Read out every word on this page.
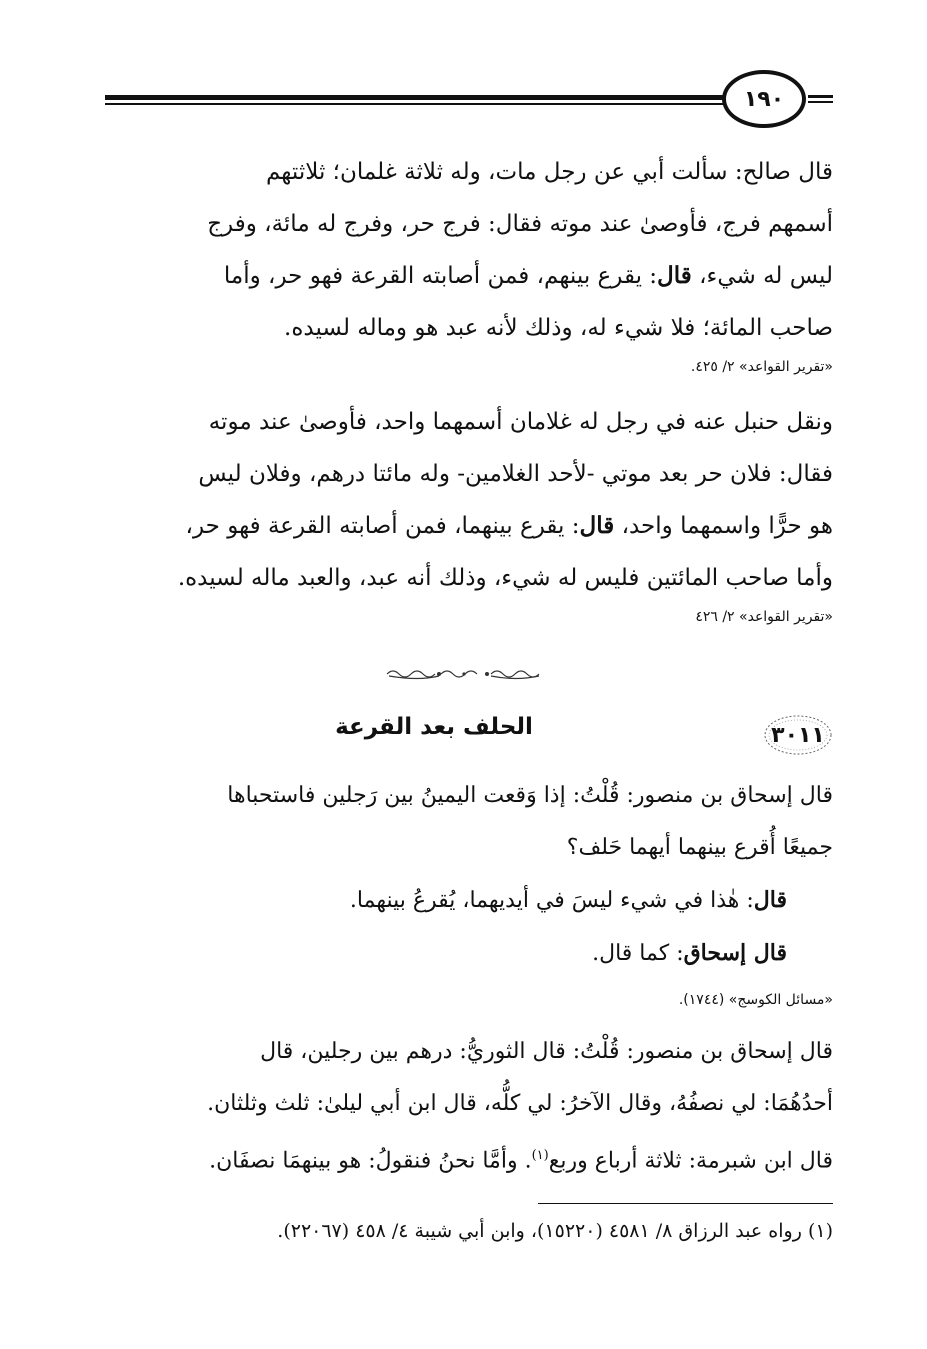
١٩٠
قال صالح: سألت أبي عن رجل مات، وله ثلاثة غلمان؛ ثلاثتهم
أسمهم فرج، فأوصىٰ عند موته فقال: فرج حر، وفرج له مائة، وفرج
ليس له شيء، قال: يقرع بينهم، فمن أصابته القرعة فهو حر، وأما
صاحب المائة؛ فلا شيء له، وذلك لأنه عبد هو وماله لسيده.
«تقرير القواعد» ٢/ ٤٢٥.
ونقل حنبل عنه في رجل له غلامان أسمهما واحد، فأوصىٰ عند موته
فقال: فلان حر بعد موتي -لأحد الغلامين- وله مائتا درهم، وفلان ليس
هو حرًّا واسمهما واحد، قال: يقرع بينهما، فمن أصابته القرعة فهو حر،
وأما صاحب المائتين فليس له شيء، وذلك أنه عبد، والعبد ماله لسيده.
«تقرير القواعد» ٢/ ٤٢٦
٣٠١١
الحلف بعد القرعة
قال إسحاق بن منصور: قُلْتُ: إذا وَقعت اليمينُ بين رَجلين فاستحباها
جميعًا أُقرع بينهما أيهما حَلف؟
قال: هٰذا في شيء ليسَ في أيديهما، يُقرعُ بينهما.
قال إسحاق: كما قال.
«مسائل الكوسج» (١٧٤٤).
قال إسحاق بن منصور: قُلْتُ: قال الثوريُّ: درهم بين رجلين، قال
أحدُهُمَا: لي نصفُهُ، وقال الآخرُ: لي كلُّه، قال ابن أبي ليلىٰ: ثلث وثلثان.
قال ابن شبرمة: ثلاثة أرباع وربع$^{(١)}$. وأمَّا نحنُ فنقولُ: هو بينهمَا نصفَان.
(١) رواه عبد الرزاق ٨/ ٤٥٨١ (١٥٢٢٠)، وابن أبي شيبة ٤/ ٤٥٨ (٢٢٠٦٧).
